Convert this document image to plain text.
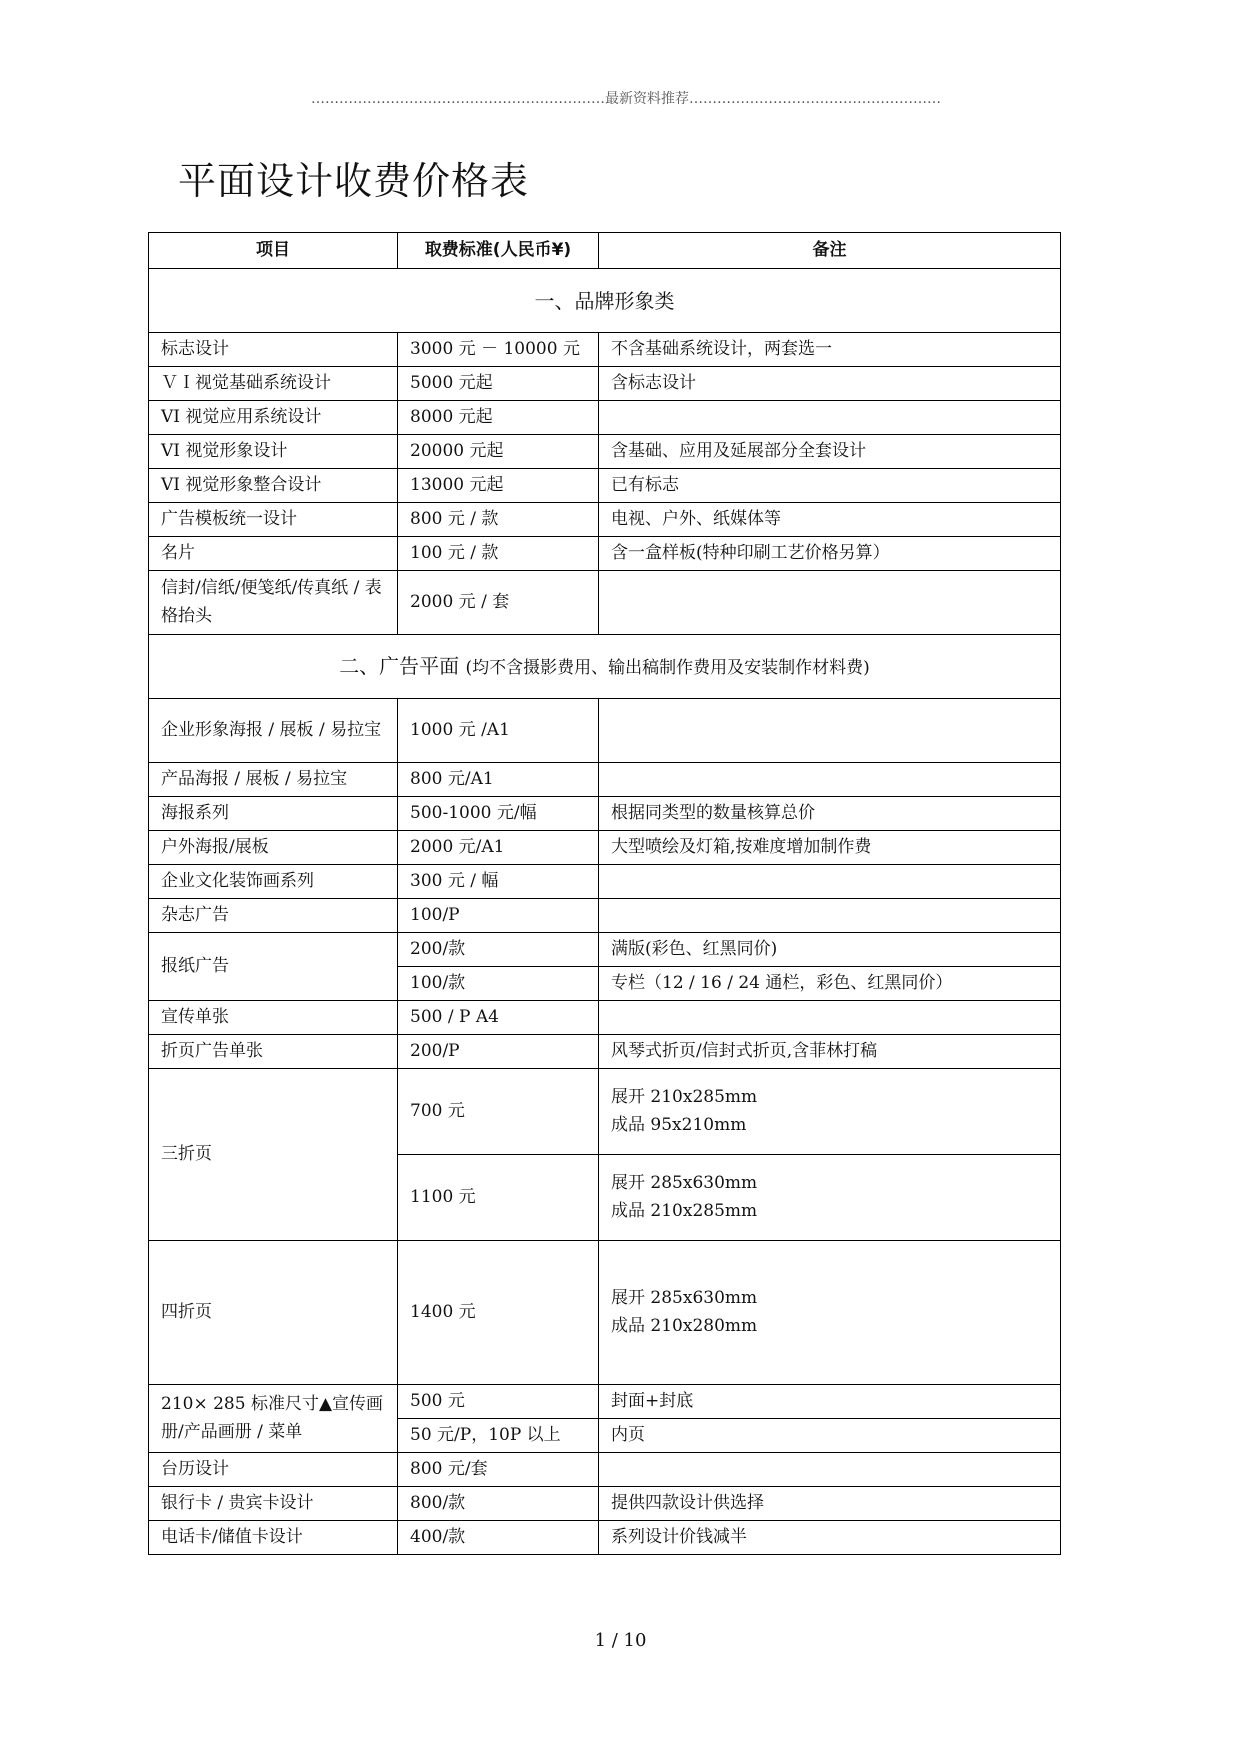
………………………………………………………最新资料推荐………………………………………………
平面设计收费价格表
项目	取费标准(人民币¥)	备注
一、品牌形象类		
标志设计	3000 元 － 10000 元	不含基础系统设计，两套选一
ＶＩ视觉基础系统设计	5000 元起	含标志设计
VI 视觉应用系统设计	8000 元起	
VI 视觉形象设计	20000 元起	含基础、应用及延展部分全套设计
VI 视觉形象整合设计	13000 元起	已有标志
广告模板统一设计	800 元 / 款	电视、户外、纸媒体等
名片	100 元 / 款	含一盒样板(特种印刷工艺价格另算）
信封/信纸/便笺纸/传真纸 / 表格抬头	2000 元 / 套	
二、广告平面 (均不含摄影费用、输出稿制作费用及安装制作材料费)		
企业形象海报 / 展板 / 易拉宝	1000 元 /A1	
产品海报 / 展板 / 易拉宝	800 元/A1	
海报系列	500-1000 元/幅	根据同类型的数量核算总价
户外海报/展板	2000 元/A1	大型喷绘及灯箱,按难度增加制作费
企业文化装饰画系列	300 元 / 幅	
杂志广告	100/P	
报纸广告	200/款	满版(彩色、红黑同价)
	100/款	专栏（12 / 16 / 24 通栏，彩色、红黑同价）
宣传单张	500 / P A4	
折页广告单张	200/P	风琴式折页/信封式折页,含菲林打稿
三折页	700 元	展开 210x285mm
成品 95x210mm

	1100 元	展开 285x630mm
成品 210x285mm

四折页	1400 元	展开 285x630mm
成品 210x280mm

210× 285 标准尺寸▲宣传画册/产品画册 / 菜单	500 元	封面+封底
	50 元/P，10P 以上	内页
台历设计	800 元/套	
银行卡 / 贵宾卡设计	800/款	提供四款设计供选择
电话卡/储值卡设计	400/款	系列设计价钱减半
1 / 10
